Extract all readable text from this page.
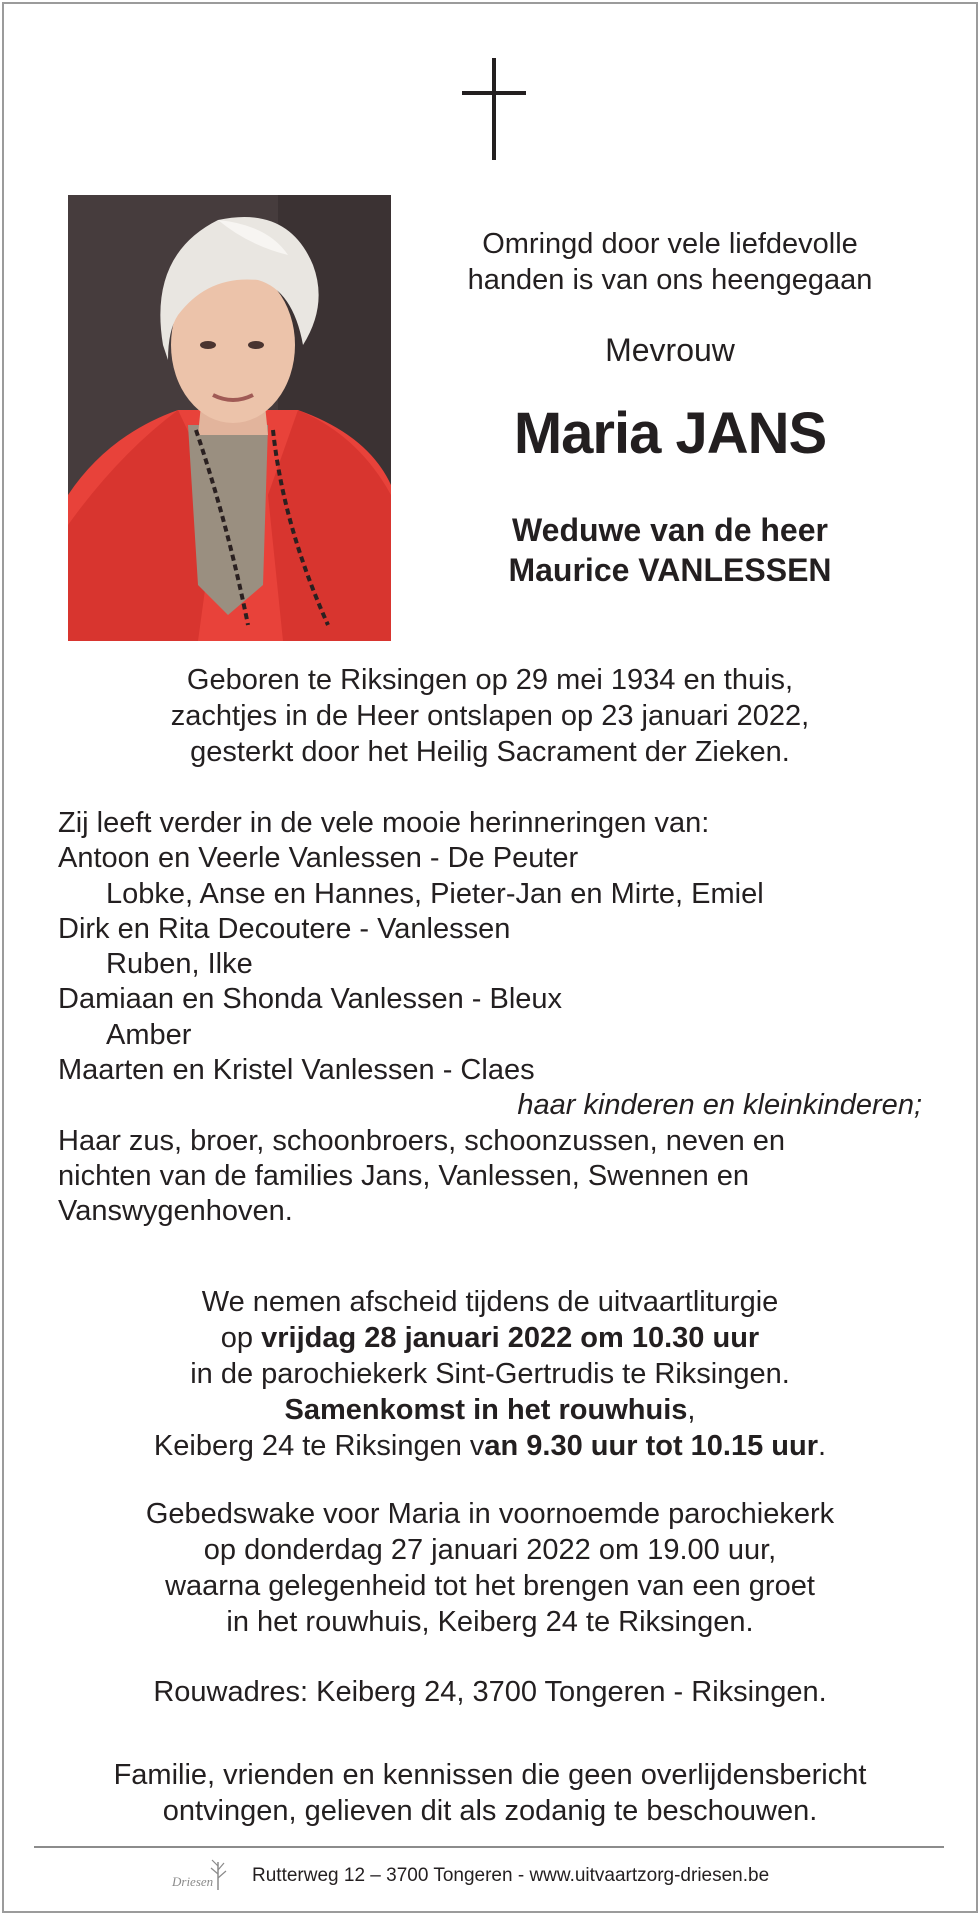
Omringd door vele liefdevolle
handen is van ons heengegaan
Mevrouw
Maria JANS
Weduwe van de heer
Maurice VANLESSEN
Geboren te Riksingen op 29 mei 1934 en thuis,
zachtjes in de Heer ontslapen op 23 januari 2022,
gesterkt door het Heilig Sacrament der Zieken.
Zij leeft verder in de vele mooie herinneringen van:
Antoon en Veerle Vanlessen - De Peuter
Lobke, Anse en Hannes, Pieter-Jan en Mirte, Emiel
Dirk en Rita Decoutere - Vanlessen
Ruben, Ilke
Damiaan en Shonda Vanlessen - Bleux
Amber
Maarten en Kristel Vanlessen - Claes
haar kinderen en kleinkinderen;
Haar zus, broer, schoonbroers, schoonzussen, neven en
nichten van de families Jans, Vanlessen, Swennen en
Vanswygenhoven.
We nemen afscheid tijdens de uitvaartliturgie
op vrijdag 28 januari 2022 om 10.30 uur
in de parochiekerk Sint-Gertrudis te Riksingen.
Samenkomst in het rouwhuis,
Keiberg 24 te Riksingen van 9.30 uur tot 10.15 uur.
Gebedswake voor Maria in voornoemde parochiekerk
op donderdag 27 januari 2022 om 19.00 uur,
waarna gelegenheid tot het brengen van een groet
in het rouwhuis, Keiberg 24 te Riksingen.
Rouwadres: Keiberg 24, 3700 Tongeren - Riksingen.
Familie, vrienden en kennissen die geen overlijdensbericht
ontvingen, gelieven dit als zodanig te beschouwen.
Driesen Rutterweg 12 – 3700 Tongeren - www.uitvaartzorg-driesen.be
